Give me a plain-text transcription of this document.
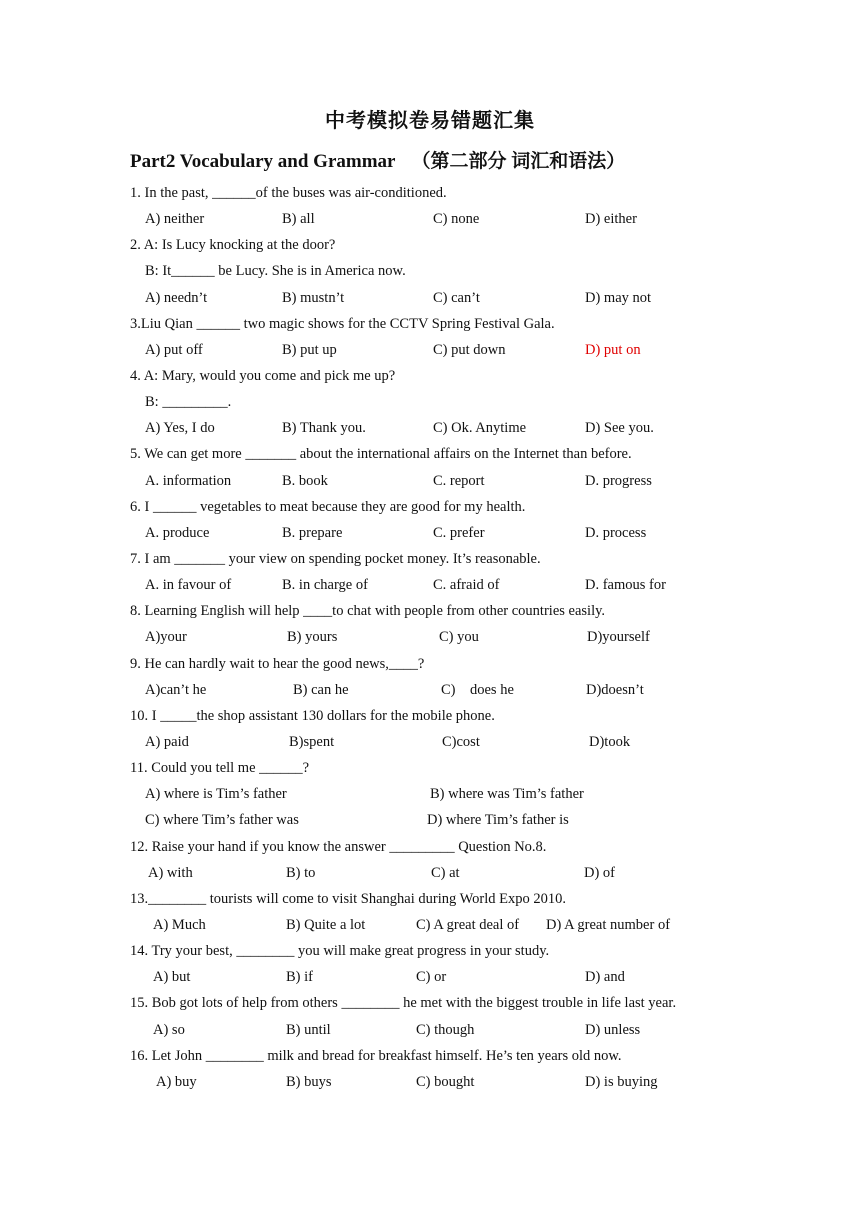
中考模拟卷易错题汇集
Part2 Vocabulary and Grammar （第二部分 词汇和语法）
1. In the past, ______of the buses was air-conditioned.
A) neither	B) all	C) none	D) either
2. A: Is Lucy knocking at the door?
B: It______ be Lucy. She is in America now.
A) needn’t	B) mustn’t	C) can’t	D) may not
3.Liu Qian ______ two magic shows for the CCTV Spring Festival Gala.
A) put off	B) put up	C) put down	D) put on
4. A: Mary, would you come and pick me up?
B: _________.
A) Yes, I do	B) Thank you.	C) Ok. Anytime	D) See you.
5. We can get more _______ about the international affairs on the Internet than before.
A. information	B. book	C. report	D. progress
6. I ______ vegetables to meat because they are good for my health.
A. produce	B. prepare	C. prefer	D. process
7. I am _______ your view on spending pocket money. It’s reasonable.
A. in favour of	B. in charge of	C. afraid of	D. famous for
8. Learning English will help ____to chat with people from other countries easily.
A)your	B) yours	C) you	D)yourself
9. He can hardly wait to hear the good news,____?
A)can’t he	B) can he	C)    does he	D)doesn’t
10. I _____the shop assistant 130 dollars for the mobile phone.
A) paid	B)spent	C)cost	D)took
11. Could you tell me ______?
A) where is Tim’s father	B) where was Tim’s father
C) where Tim’s father was	D) where Tim’s father is
12. Raise your hand if you know the answer _________ Question No.8.
A) with	B) to	C) at	D) of
13.________ tourists will come to visit Shanghai during World Expo 2010.
A) Much	B) Quite a lot	C) A great deal of D) A great number of
14. Try your best, ________ you will make great progress in your study.
A) but	B) if	C) or	D) and
15. Bob got lots of help from others ________ he met with the biggest trouble in life last year.
A) so	B) until	C) though	D) unless
16. Let John ________ milk and bread for breakfast himself. He’s ten years old now.
A) buy	B) buys	C) bought	D) is buying
